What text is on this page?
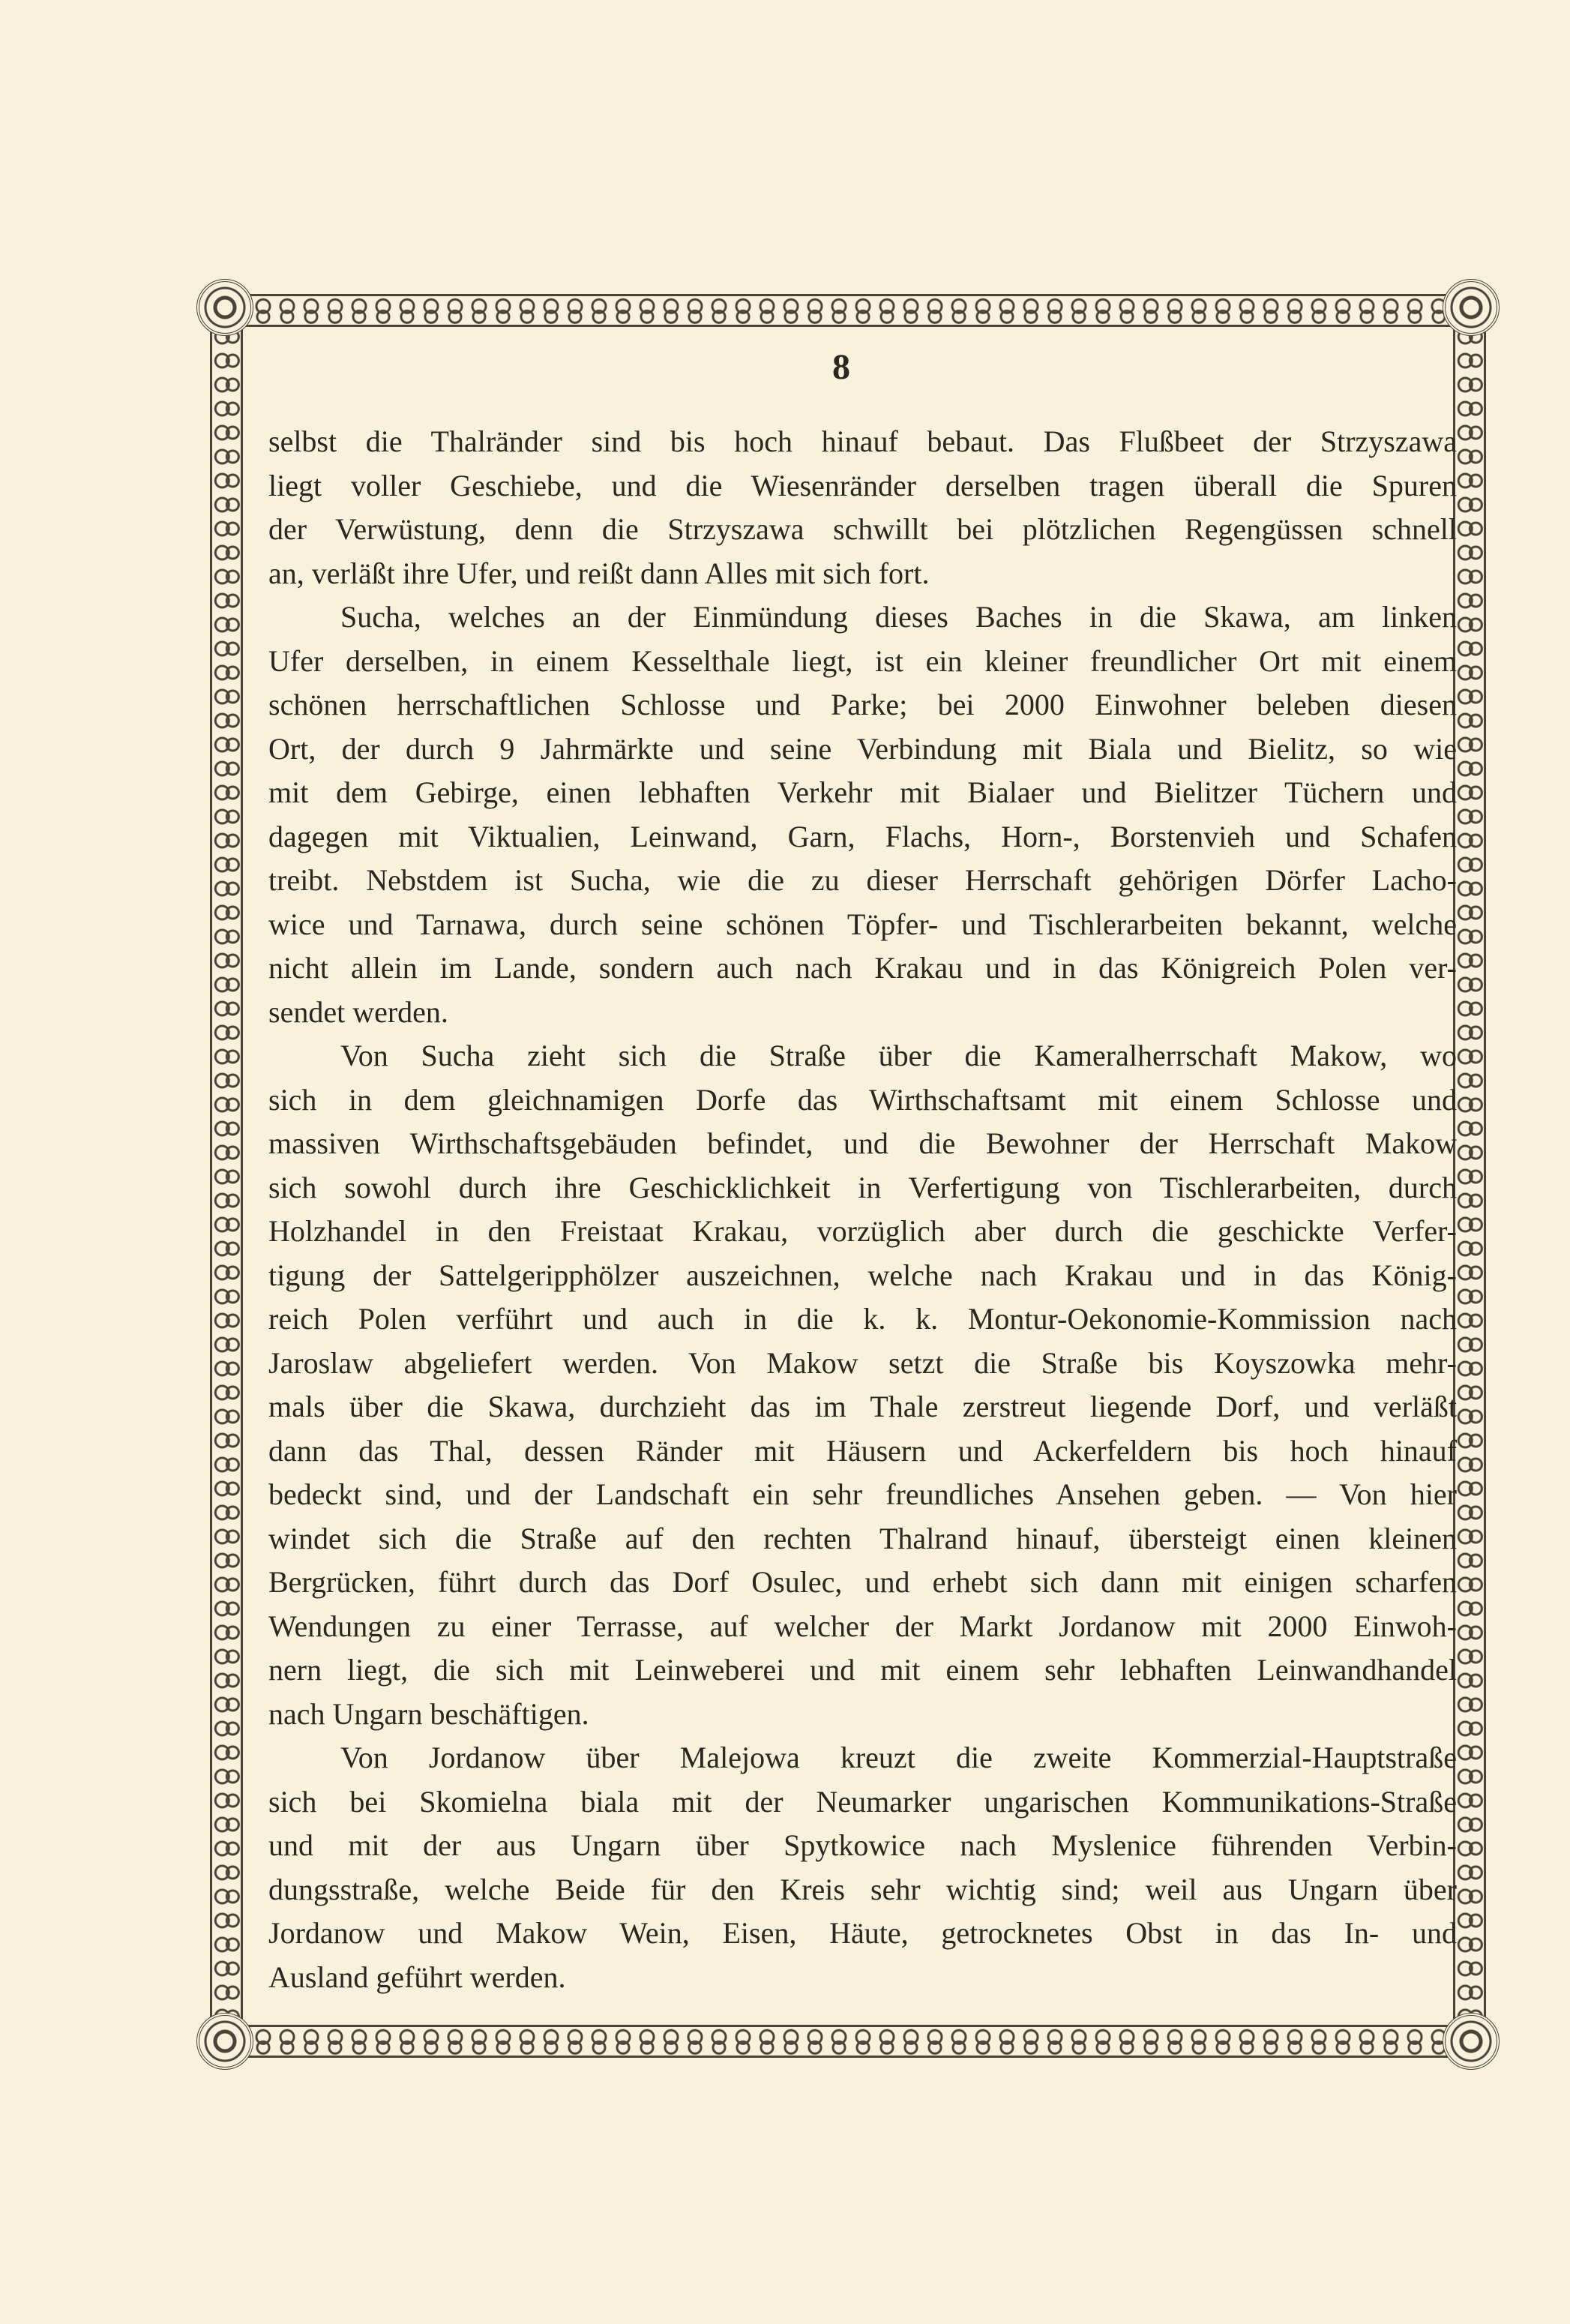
8
selbst die Thalränder sind bis hoch hinauf bebaut. Das Flußbeet der Strzyszawa
liegt voller Geschiebe, und die Wiesenränder derselben tragen überall die Spuren
der Verwüstung, denn die Strzyszawa schwillt bei plötzlichen Regengüssen schnell
an, verläßt ihre Ufer, und reißt dann Alles mit sich fort.
Sucha, welches an der Einmündung dieses Baches in die Skawa, am linken
Ufer derselben, in einem Kesselthale liegt, ist ein kleiner freundlicher Ort mit einem
schönen herrschaftlichen Schlosse und Parke; bei 2000 Einwohner beleben diesen
Ort, der durch 9 Jahrmärkte und seine Verbindung mit Biala und Bielitz, so wie
mit dem Gebirge, einen lebhaften Verkehr mit Bialaer und Bielitzer Tüchern und
dagegen mit Viktualien, Leinwand, Garn, Flachs, Horn-, Borstenvieh und Schafen
treibt. Nebstdem ist Sucha, wie die zu dieser Herrschaft gehörigen Dörfer Lacho-
wice und Tarnawa, durch seine schönen Töpfer- und Tischlerarbeiten bekannt, welche
nicht allein im Lande, sondern auch nach Krakau und in das Königreich Polen ver-
sendet werden.
Von Sucha zieht sich die Straße über die Kameralherrschaft Makow, wo
sich in dem gleichnamigen Dorfe das Wirthschaftsamt mit einem Schlosse und
massiven Wirthschaftsgebäuden befindet, und die Bewohner der Herrschaft Makow
sich sowohl durch ihre Geschicklichkeit in Verfertigung von Tischlerarbeiten, durch
Holzhandel in den Freistaat Krakau, vorzüglich aber durch die geschickte Verfer-
tigung der Sattelgeripphölzer auszeichnen, welche nach Krakau und in das König-
reich Polen verführt und auch in die k. k. Montur-Oekonomie-Kommission nach
Jaroslaw abgeliefert werden. Von Makow setzt die Straße bis Koyszowka mehr-
mals über die Skawa, durchzieht das im Thale zerstreut liegende Dorf, und verläßt
dann das Thal, dessen Ränder mit Häusern und Ackerfeldern bis hoch hinauf
bedeckt sind, und der Landschaft ein sehr freundliches Ansehen geben. — Von hier
windet sich die Straße auf den rechten Thalrand hinauf, übersteigt einen kleinen
Bergrücken, führt durch das Dorf Osulec, und erhebt sich dann mit einigen scharfen
Wendungen zu einer Terrasse, auf welcher der Markt Jordanow mit 2000 Einwoh-
nern liegt, die sich mit Leinweberei und mit einem sehr lebhaften Leinwandhandel
nach Ungarn beschäftigen.
Von Jordanow über Malejowa kreuzt die zweite Kommerzial-Hauptstraße
sich bei Skomielna biala mit der Neumarker ungarischen Kommunikations-Straße
und mit der aus Ungarn über Spytkowice nach Myslenice führenden Verbin-
dungsstraße, welche Beide für den Kreis sehr wichtig sind; weil aus Ungarn über
Jordanow und Makow Wein, Eisen, Häute, getrocknetes Obst in das In- und
Ausland geführt werden.
